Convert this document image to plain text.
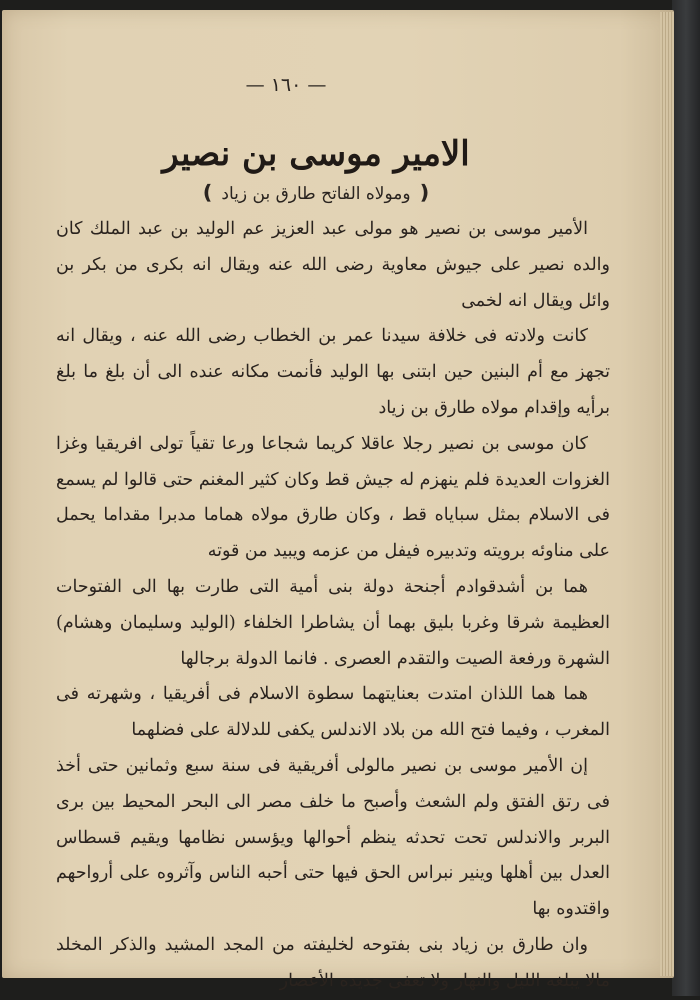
— ١٦٠ —
الامير موسى بن نصير
❪ ومولاه الفاتح طارق بن زياد ❫

الأمير موسى بن نصير هو مولى عبد العزيز عم الوليد بن عبد الملك كان والده نصير على جيوش معاوية رضى الله عنه ويقال انه بكرى من بكر بن وائل ويقال انه لخمى

كانت ولادته فى خلافة سيدنا عمر بن الخطاب رضى الله عنه ، ويقال انه تجهز مع أم البنين حين ابتنى بها الوليد فأنمت مكانه عنده الى أن بلغ ما بلغ برأيه وإقدام مولاه طارق بن زياد

كان موسى بن نصير رجلا عاقلا كريما شجاعا ورعا تقياً تولى افريقيا وغزا الغزوات العديدة فلم ينهزم له جيش قط وكان كثير المغنم حتى قالوا لم يسمع فى الاسلام بمثل سباياه قط ، وكان طارق مولاه هماما مدبرا مقداما يحمل على مناوئه برويته وتدبيره فيفل من عزمه ويبيد من قوته

هما بن أشدقوادم أجنحة دولة بنى أمية التى طارت بها الى الفتوحات العظيمة شرقا وغربا بليق بهما أن يشاطرا الخلفاء (الوليد وسليمان وهشام) الشهرة ورفعة الصيت والتقدم العصرى . فانما الدولة برجالها

هما هما اللذان امتدت بعنايتهما سطوة الاسلام فى أفريقيا ، وشهرته فى المغرب ، وفيما فتح الله من بلاد الاندلس يكفى للدلالة على فضلهما

إن الأمير موسى بن نصير مالولى أفريقية فى سنة سبع وثمانين حتى أخذ فى رتق الفتق ولم الشعث وأصبح ما خلف مصر الى البحر المحيط بين برى البربر والاندلس تحت تحدثه ينظم أحوالها ويؤسس نظامها ويقيم قسطاس العدل بين أهلها وينير نبراس الحق فيها حتى أحبه الناس وآثروه على أرواحهم واقتدوه بها

وان طارق بن زياد بنى بفتوحه لخليفته من المجد المشيد والذكر المخلد مالا يبلغه الليل والنهار ولا تعفى جديده الأعصار
